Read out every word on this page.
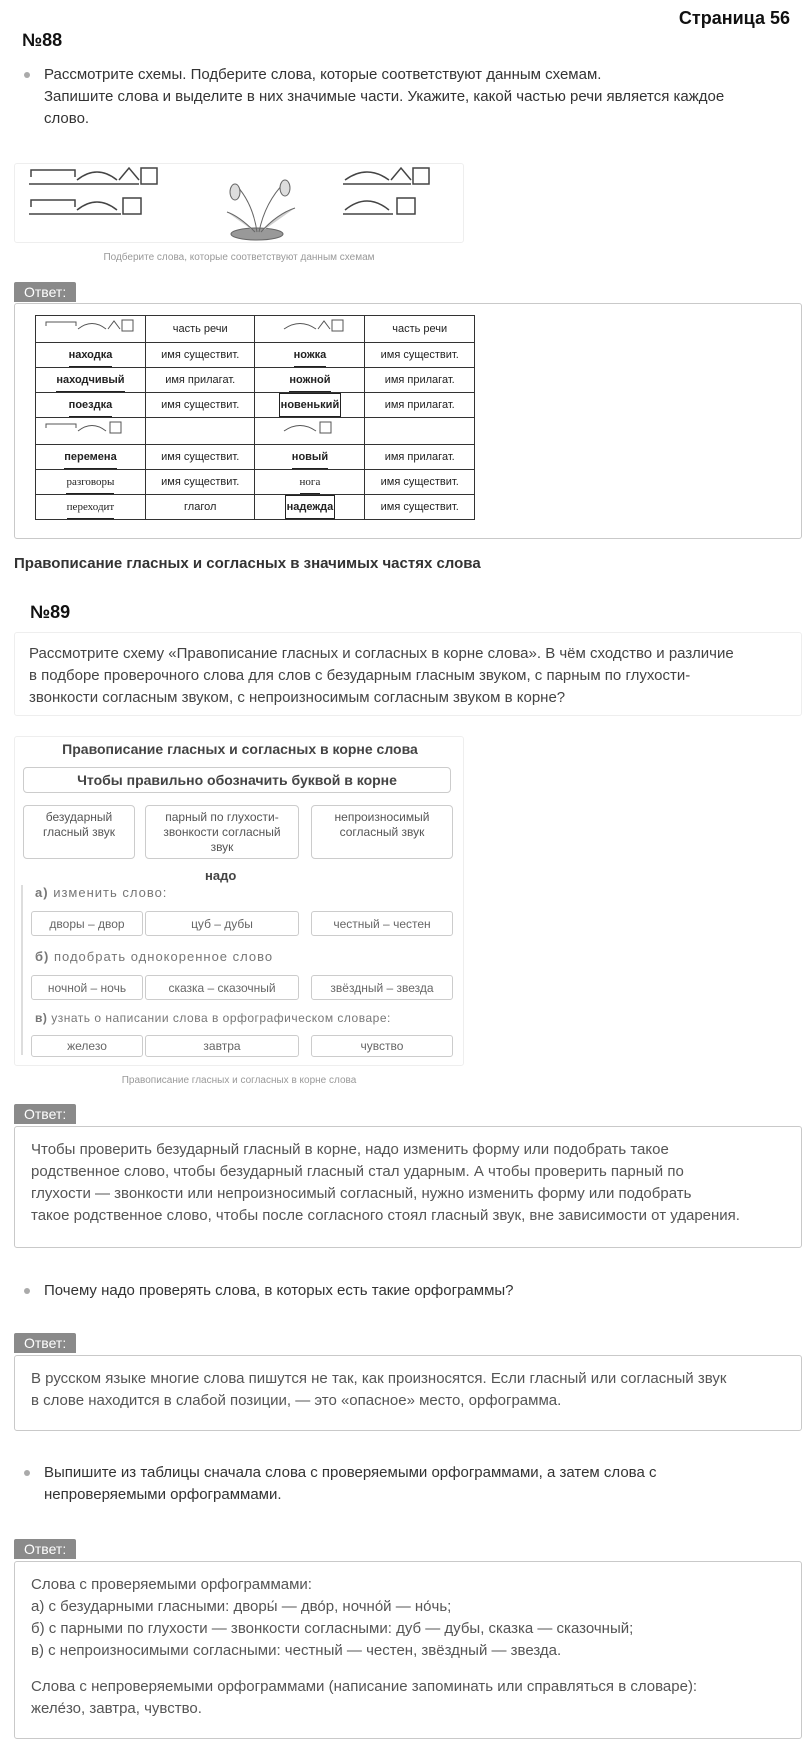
Страница 56
№88
Рассмотрите схемы. Подберите слова, которые соответствуют данным схемам.
Запишите слова и выделите в них значимые части. Укажите, какой частью речи является каждое
слово.
Подберите слова, которые соответствуют данным схемам
Ответ:
	часть речи		часть речи
находка	имя существит.	ножка	имя существит.
находчивый	имя прилагат.	ножной	имя прилагат.
поездка	имя существит.	новенький	имя прилагат.

перемена	имя существит.	новый	имя прилагат.
разговоры	имя существит.	нога	имя существит.
переходит	глагол	надежда	имя существит.
Правописание гласных и согласных в значимых частях слова
№89
Рассмотрите схему «Правописание гласных и согласных в корне слова». В чём сходство и различие
в подборе проверочного слова для слов с безударным гласным звуком, с парным по глухости-
звонкости согласным звуком, с непроизносимым согласным звуком в корне?
Правописание гласных и согласных в корне слова
Чтобы правильно обозначить буквой в корне
безударный гласный звук
парный по глухости-звонкости согласный звук
непроизносимый согласный звук
надо
а) изменить слово:
дворы – двор	цуб – дубы	честный – честен
б) подобрать однокоренное слово
ночной – ночь	сказка – сказочный	звёздный – звезда
в) узнать о написании слова в орфографическом словаре:
железо	завтра	чувство
Правописание гласных и согласных в корне слова
Ответ:
Чтобы проверить безударный гласный в корне, надо изменить форму или подобрать такое
родственное слово, чтобы безударный гласный стал ударным. А чтобы проверить парный по
глухости — звонкости или непроизносимый согласный, нужно изменить форму или подобрать
такое родственное слово, чтобы после согласного стоял гласный звук, вне зависимости от ударения.
Почему надо проверять слова, в которых есть такие орфограммы?
Ответ:
В русском языке многие слова пишутся не так, как произносятся. Если гласный или согласный звук
в слове находится в слабой позиции, — это «опасное» место, орфограмма.
Выпишите из таблицы сначала слова с проверяемыми орфограммами, а затем слова с
непроверяемыми орфограммами.
Ответ:
Слова с проверяемыми орфограммами:
а) с безударными гласными: дворы́ — дво́р, ночно́й — но́чь;
б) с парными по глухости — звонкости согласными: дуб — дубы, сказка — сказочный;
в) с непроизносимыми согласными: честный — честен, звёздный — звезда.
Слова с непроверяемыми орфограммами (написание запоминать или справляться в словаре):
желе́зо, завтра, чувство.
